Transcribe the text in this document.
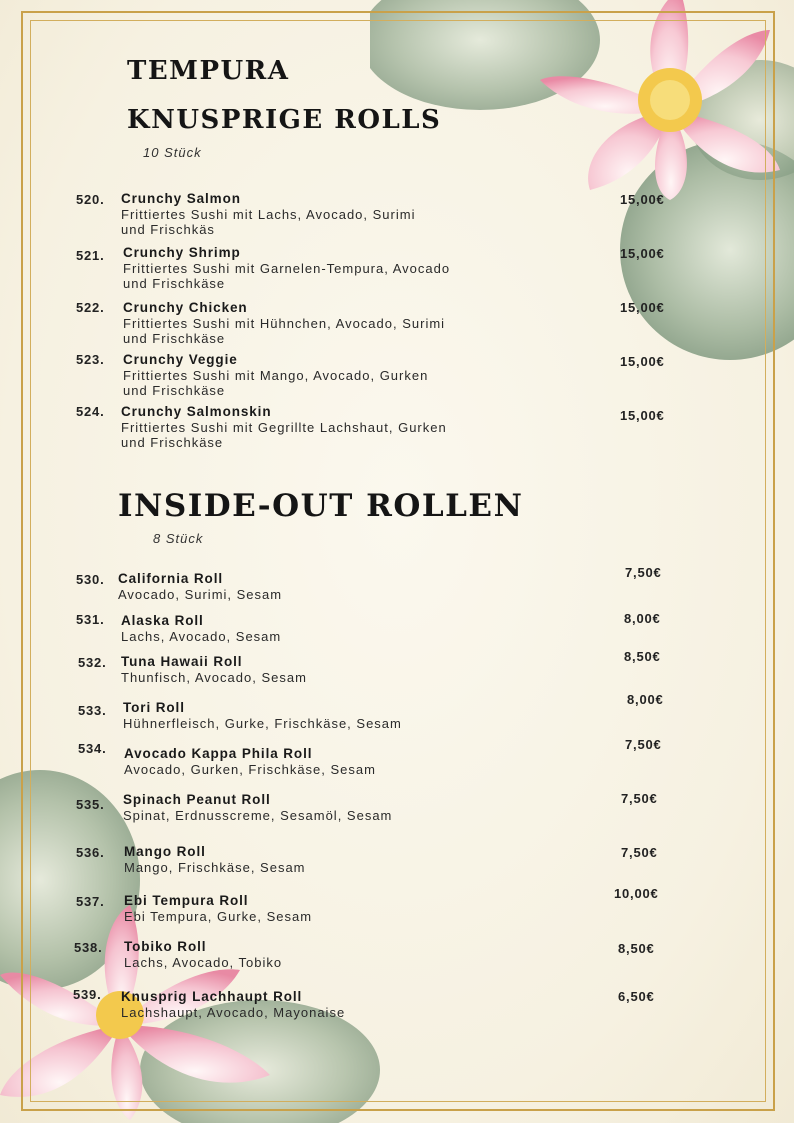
TEMPURA
KNUSPRIGE ROLLS
10 Stück
520. Crunchy Salmon
Frittiertes Sushi mit Lachs, Avocado, Surimi
und Frischkäs
15,00€
521. Crunchy Shrimp
Frittiertes Sushi mit Garnelen-Tempura, Avocado
und Frischkäse
15,00€
522. Crunchy Chicken
Frittiertes Sushi mit Hühnchen, Avocado, Surimi
und Frischkäse
15,00€
523. Crunchy Veggie
Frittiertes Sushi mit Mango, Avocado, Gurken
und Frischkäse
15,00€
524. Crunchy Salmonskin
Frittiertes Sushi mit Gegrillte Lachshaut, Gurken
und Frischkäse
15,00€
INSIDE-OUT ROLLEN
8 Stück
530. California Roll
Avocado, Surimi, Sesam
7,50€
531. Alaska Roll
Lachs, Avocado, Sesam
8,00€
532. Tuna Hawaii Roll
Thunfisch, Avocado, Sesam
8,50€
533. Tori Roll
Hühnerfleisch, Gurke, Frischkäse, Sesam
8,00€
534. Avocado Kappa Phila Roll
Avocado, Gurken, Frischkäse, Sesam
7,50€
535. Spinach Peanut Roll
Spinat, Erdnusscreme, Sesamöl, Sesam
7,50€
536. Mango Roll
Mango, Frischkäse, Sesam
7,50€
537. Ebi Tempura Roll
Ebi Tempura, Gurke, Sesam
10,00€
538. Tobiko Roll
Lachs, Avocado, Tobiko
8,50€
539. Knusprig Lachhaupt Roll
Lachshaupt, Avocado, Mayonaise
6,50€
